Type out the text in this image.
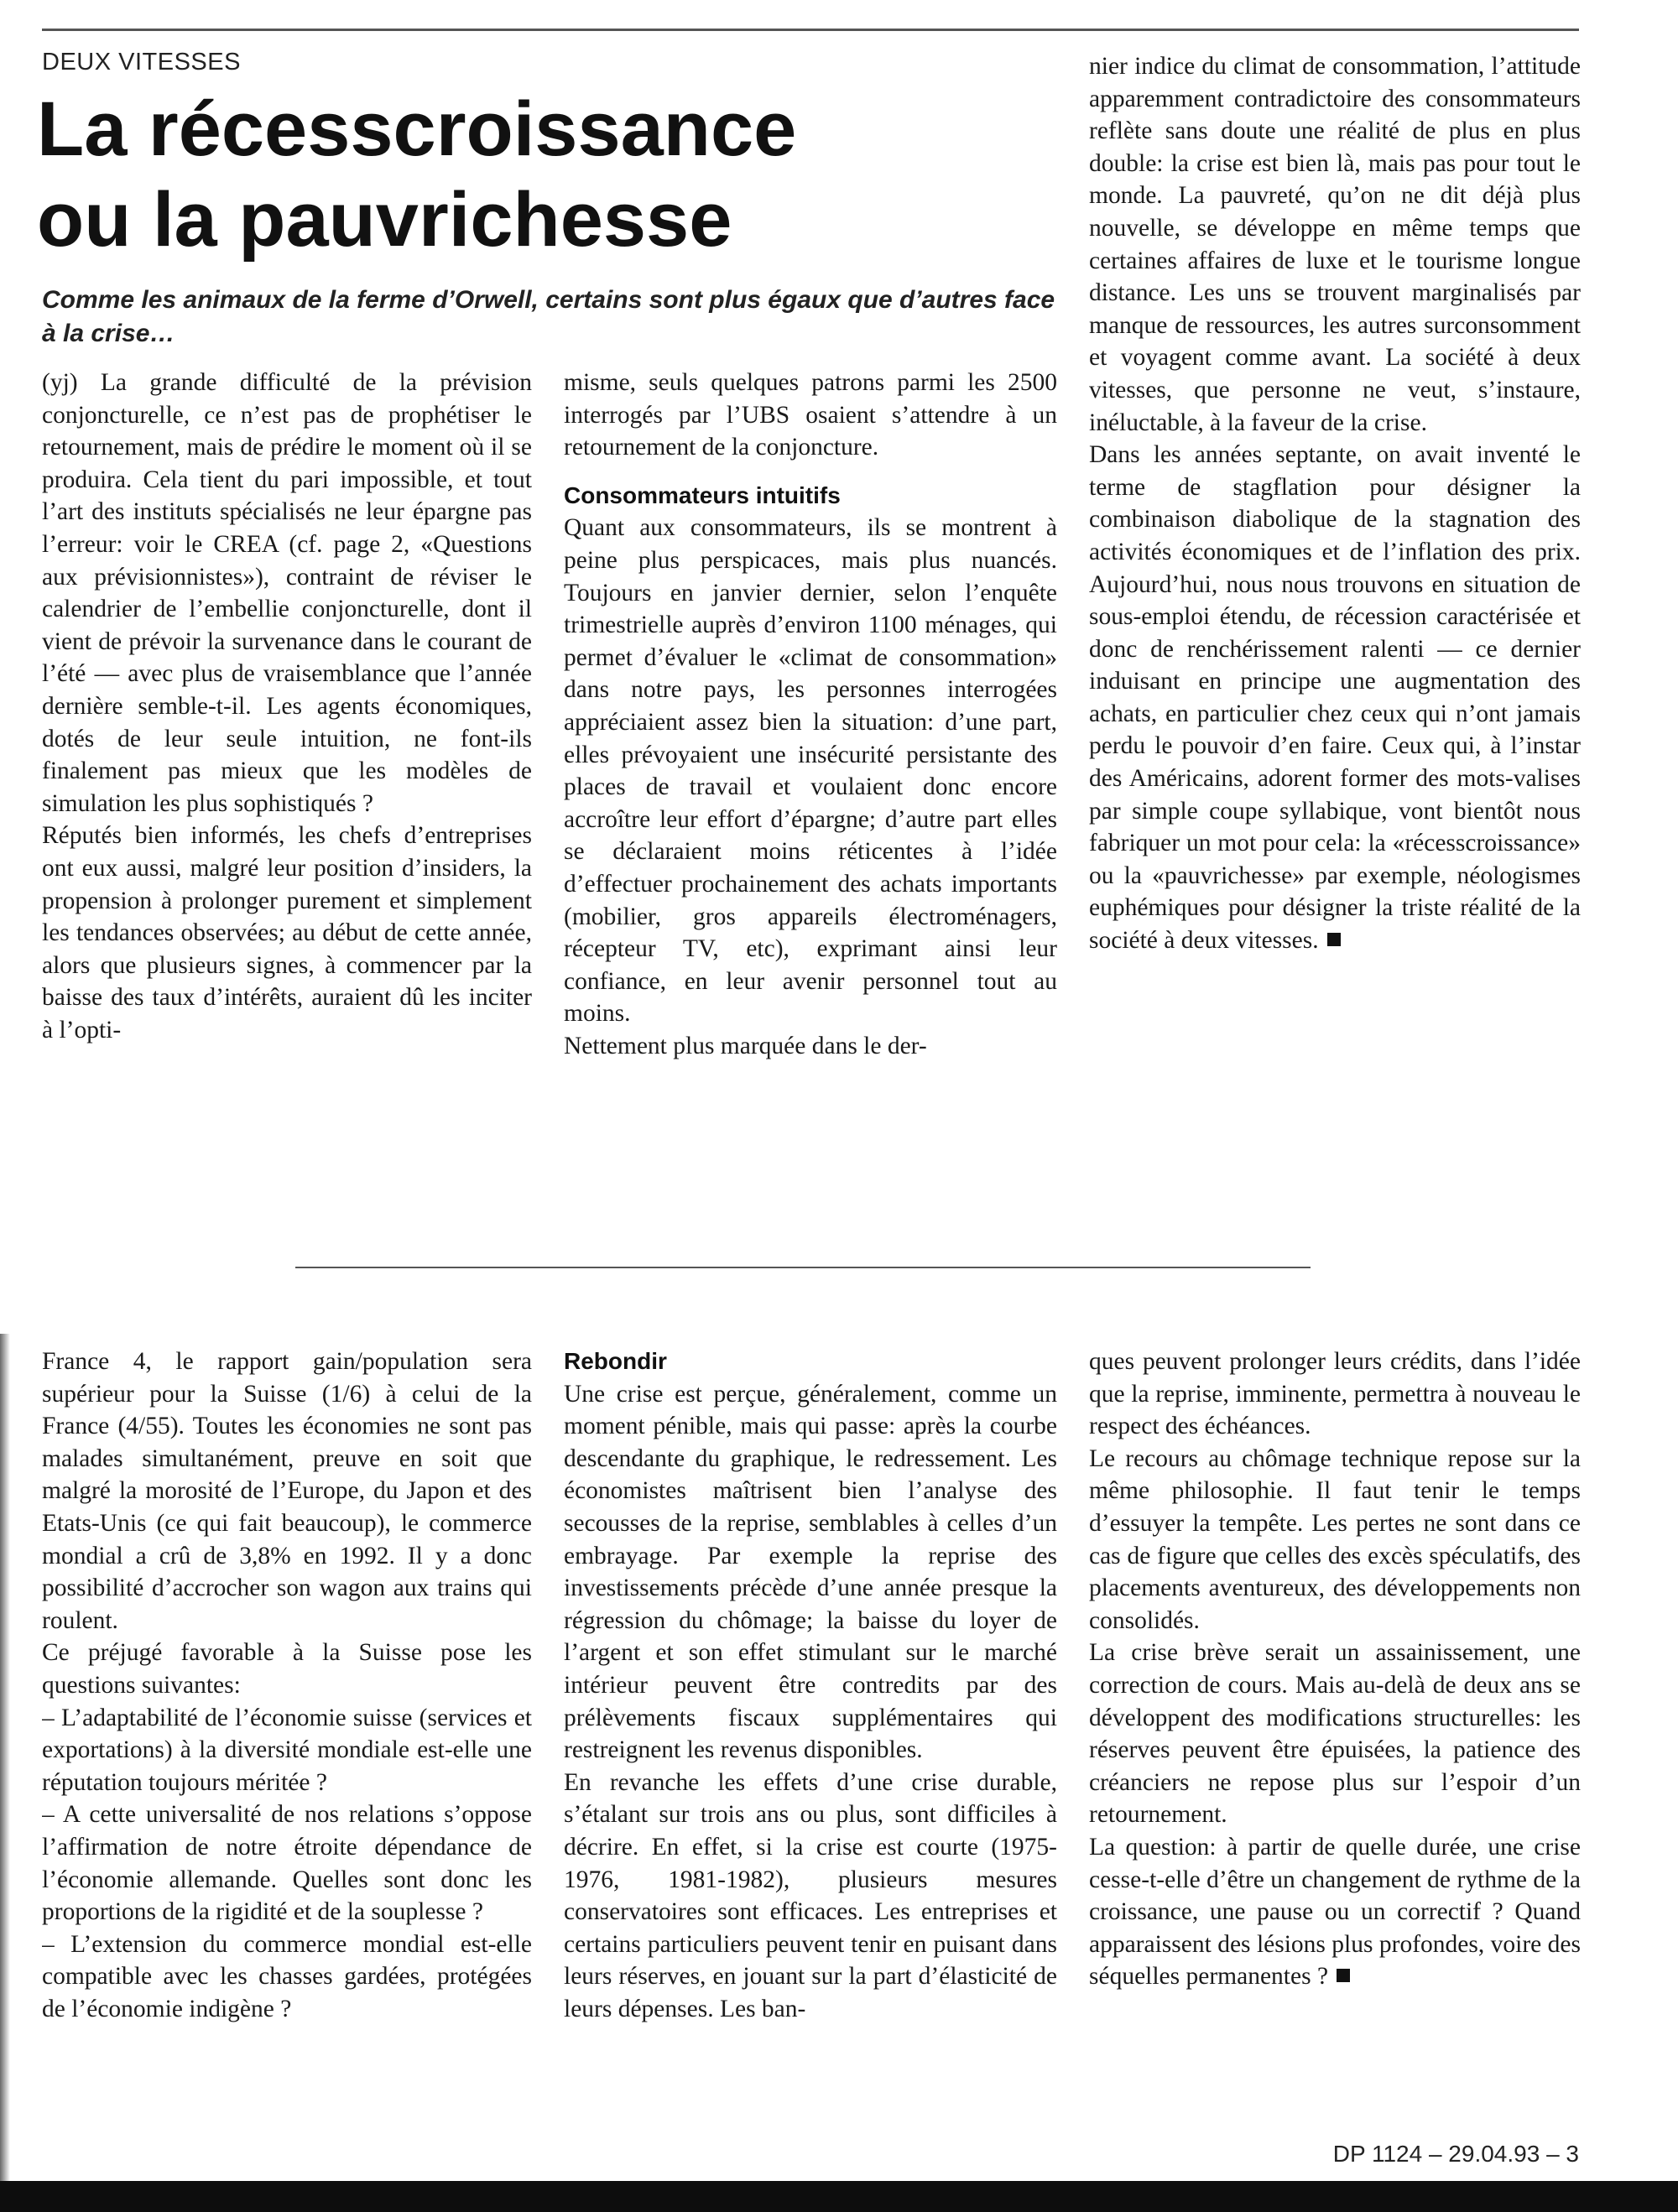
DEUX VITESSES
La récesscroissance
ou la pauvrichesse
Comme les animaux de la ferme d’Orwell, certains sont plus égaux que d’autres face à la crise…

(yj) La grande difficulté de la prévision conjoncturelle, ce n’est pas de prophétiser le retournement, mais de prédire le moment où il se produira. Cela tient du pari impossible, et tout l’art des instituts spécialisés ne leur épargne pas l’erreur: voir le CREA (cf. page 2, «Questions aux prévisionnistes»), contraint de réviser le calendrier de l’embellie conjoncturelle, dont il vient de prévoir la survenance dans le courant de l’été — avec plus de vraisemblance que l’année dernière semble-t-il. Les agents économiques, dotés de leur seule intuition, ne font-ils finalement pas mieux que les modèles de simulation les plus sophistiqués ?

Réputés bien informés, les chefs d’entreprises ont eux aussi, malgré leur position d’insiders, la propension à prolonger purement et simplement les tendances observées; au début de cette année, alors que plusieurs signes, à commencer par la baisse des taux d’intérêts, auraient dû les inciter à l’opti-

misme, seuls quelques patrons parmi les 2500 interrogés par l’UBS osaient s’attendre à un retournement de la conjoncture.

Consommateurs intuitifs

Quant aux consommateurs, ils se montrent à peine plus perspicaces, mais plus nuancés. Toujours en janvier dernier, selon l’enquête trimestrielle auprès d’environ 1100 ménages, qui permet d’évaluer le «climat de consommation» dans notre pays, les personnes interrogées appréciaient assez bien la situation: d’une part, elles prévoyaient une insécurité persistante des places de travail et voulaient donc encore accroître leur effort d’épargne; d’autre part elles se déclaraient moins réticentes à l’idée d’effectuer prochainement des achats importants (mobilier, gros appareils électroménagers, récepteur TV, etc), exprimant ainsi leur confiance, en leur avenir personnel tout au moins.

Nettement plus marquée dans le der-

nier indice du climat de consommation, l’attitude apparemment contradictoire des consommateurs reflète sans doute une réalité de plus en plus double: la crise est bien là, mais pas pour tout le monde. La pauvreté, qu’on ne dit déjà plus nouvelle, se développe en même temps que certaines affaires de luxe et le tourisme longue distance. Les uns se trouvent marginalisés par manque de ressources, les autres surconsomment et voyagent comme avant. La société à deux vitesses, que personne ne veut, s’instaure, inéluctable, à la faveur de la crise.

Dans les années septante, on avait inventé le terme de stagflation pour désigner la combinaison diabolique de la stagnation des activités économiques et de l’inflation des prix. Aujourd’hui, nous nous trouvons en situation de sous-emploi étendu, de récession caractérisée et donc de renchérissement ralenti — ce dernier induisant en principe une augmentation des achats, en particulier chez ceux qui n’ont jamais perdu le pouvoir d’en faire. Ceux qui, à l’instar des Américains, adorent former des mots-valises par simple coupe syllabique, vont bientôt nous fabriquer un mot pour cela: la «récesscroissance» ou la «pauvrichesse» par exemple, néologismes euphémiques pour désigner la triste réalité de la société à deux vitesses.

France 4, le rapport gain/population sera supérieur pour la Suisse (1/6) à celui de la France (4/55). Toutes les économies ne sont pas malades simultanément, preuve en soit que malgré la morosité de l’Europe, du Japon et des Etats-Unis (ce qui fait beaucoup), le commerce mondial a crû de 3,8% en 1992. Il y a donc possibilité d’accrocher son wagon aux trains qui roulent.

Ce préjugé favorable à la Suisse pose les questions suivantes:

– L’adaptabilité de l’économie suisse (services et exportations) à la diversité mondiale est-elle une réputation toujours méritée ?

– A cette universalité de nos relations s’oppose l’affirmation de notre étroite dépendance de l’économie allemande. Quelles sont donc les proportions de la rigidité et de la souplesse ?

– L’extension du commerce mondial est-elle compatible avec les chasses gardées, protégées de l’économie indigène ?

Rebondir

Une crise est perçue, généralement, comme un moment pénible, mais qui passe: après la courbe descendante du graphique, le redressement. Les économistes maîtrisent bien l’analyse des secousses de la reprise, semblables à celles d’un embrayage. Par exemple la reprise des investissements précède d’une année presque la régression du chômage; la baisse du loyer de l’argent et son effet stimulant sur le marché intérieur peuvent être contredits par des prélèvements fiscaux supplémentaires qui restreignent les revenus disponibles.

En revanche les effets d’une crise durable, s’étalant sur trois ans ou plus, sont difficiles à décrire. En effet, si la crise est courte (1975-1976, 1981-1982), plusieurs mesures conservatoires sont efficaces. Les entreprises et certains particuliers peuvent tenir en puisant dans leurs réserves, en jouant sur la part d’élasticité de leurs dépenses. Les ban-

ques peuvent prolonger leurs crédits, dans l’idée que la reprise, imminente, permettra à nouveau le respect des échéances.

Le recours au chômage technique repose sur la même philosophie. Il faut tenir le temps d’essuyer la tempête. Les pertes ne sont dans ce cas de figure que celles des excès spéculatifs, des placements aventureux, des développements non consolidés.

La crise brève serait un assainissement, une correction de cours. Mais au-delà de deux ans se développent des modifications structurelles: les réserves peuvent être épuisées, la patience des créanciers ne repose plus sur l’espoir d’un retournement.

La question: à partir de quelle durée, une crise cesse-t-elle d’être un changement de rythme de la croissance, une pause ou un correctif ? Quand apparaissent des lésions plus profondes, voire des séquelles permanentes ?

DP 1124 – 29.04.93 – 3
